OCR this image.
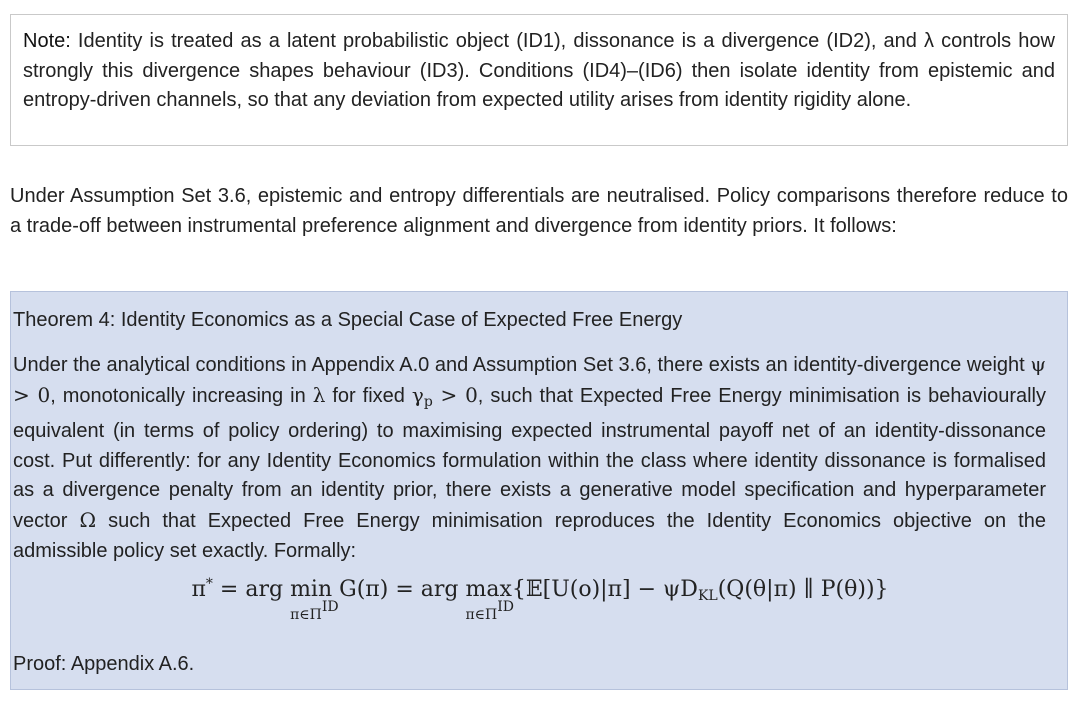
Note: Identity is treated as a latent probabilistic object (ID1), dissonance is a divergence (ID2), and λ controls how strongly this divergence shapes behaviour (ID3). Conditions (ID4)–(ID6) then isolate identity from epistemic and entropy-driven channels, so that any deviation from expected utility arises from identity rigidity alone.

Under Assumption Set 3.6, epistemic and entropy differentials are neutralised. Policy comparisons therefore reduce to a trade-off between instrumental preference alignment and divergence from identity priors. It follows:

Theorem 4: Identity Economics as a Special Case of Expected Free Energy
Under the analytical conditions in Appendix A.0 and Assumption Set 3.6, there exists an identity-divergence weight ψ > 0, monotonically increasing in λ for fixed $\gamma_p > 0$, such that Expected Free Energy minimisation is behaviourally equivalent (in terms of policy ordering) to maximising expected instrumental payoff net of an identity-dissonance cost. Put differently: for any Identity Economics formulation within the class where identity dissonance is formalised as a divergence penalty from an identity prior, there exists a generative model specification and hyperparameter vector Ω such that Expected Free Energy minimisation reproduces the Identity Economics objective on the admissible policy set exactly. Formally:
π* = arg min
$\pi\in\Pi^{ID}$
G(π) = arg max
$\pi\in\Pi^{ID}$
{𝔼[U(o)|π] − $\psi D_{KL}(Q(\theta|\pi)$ ∥ P(θ))}
Proof: Appendix A.6.
